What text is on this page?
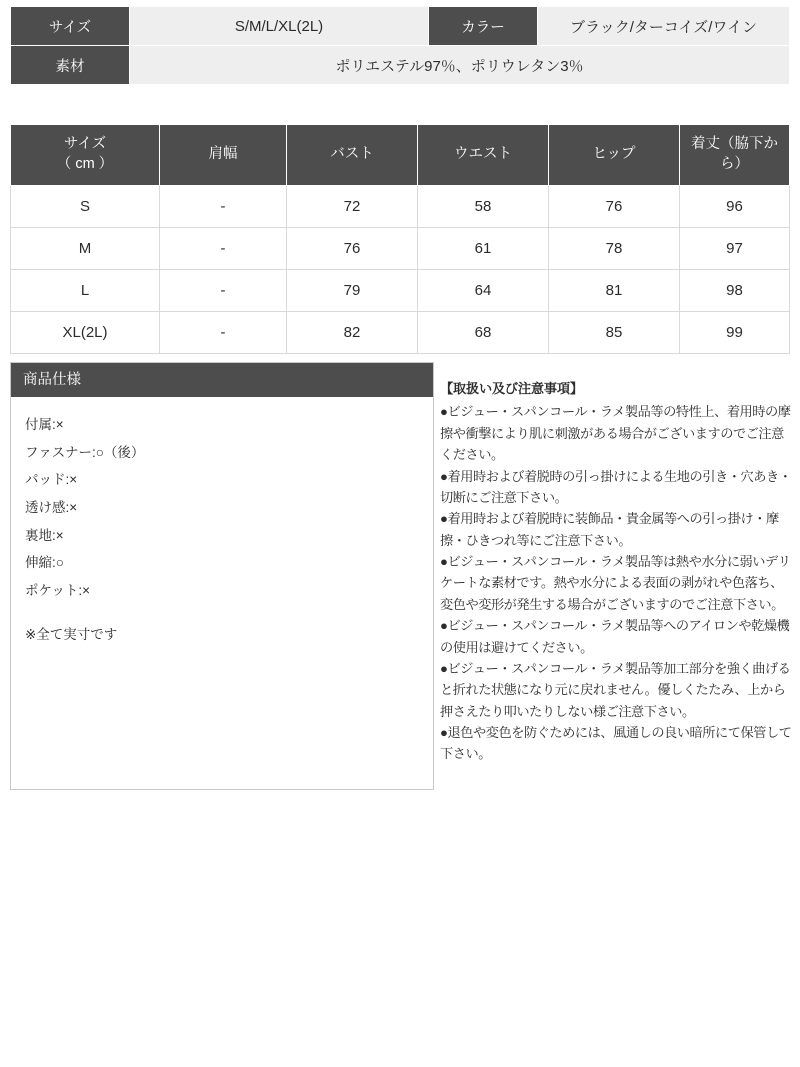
サイズ	S/M/L/XL(2L)	カラー	ブラック/ターコイズ/ワイン
素材	ポリエステル97％、ポリウレタン3％		
サイズ
（ cm ）	肩幅	バスト	ウエスト	ヒップ	着丈（脇下から）
S	-	72	58	76	96
M	-	76	61	78	97
L	-	79	64	81	98
XL(2L)	-	82	68	85	99
商品仕様
付属:×
ファスナー:○（後）
パッド:×
透け感:×
裏地:×
伸縮:○
ポケット:×
※全て実寸です
【取扱い及び注意事項】

●ビジュー・スパンコール・ラメ製品等の特性上、着用時の摩擦や衝撃により肌に刺激がある場合がございますのでご注意ください。

●着用時および着脱時の引っ掛けによる生地の引き・穴あき・切断にご注意下さい。

●着用時および着脱時に装飾品・貴金属等への引っ掛け・摩擦・ひきつれ等にご注意下さい。

●ビジュー・スパンコール・ラメ製品等は熱や水分に弱いデリケートな素材です。熱や水分による表面の剥がれや色落ち、変色や変形が発生する場合がございますのでご注意下さい。

●ビジュー・スパンコール・ラメ製品等へのアイロンや乾燥機の使用は避けてください。

●ビジュー・スパンコール・ラメ製品等加工部分を強く曲げると折れた状態になり元に戻れません。優しくたたみ、上から押さえたり叩いたりしない様ご注意下さい。

●退色や変色を防ぐためには、風通しの良い暗所にて保管して下さい。
